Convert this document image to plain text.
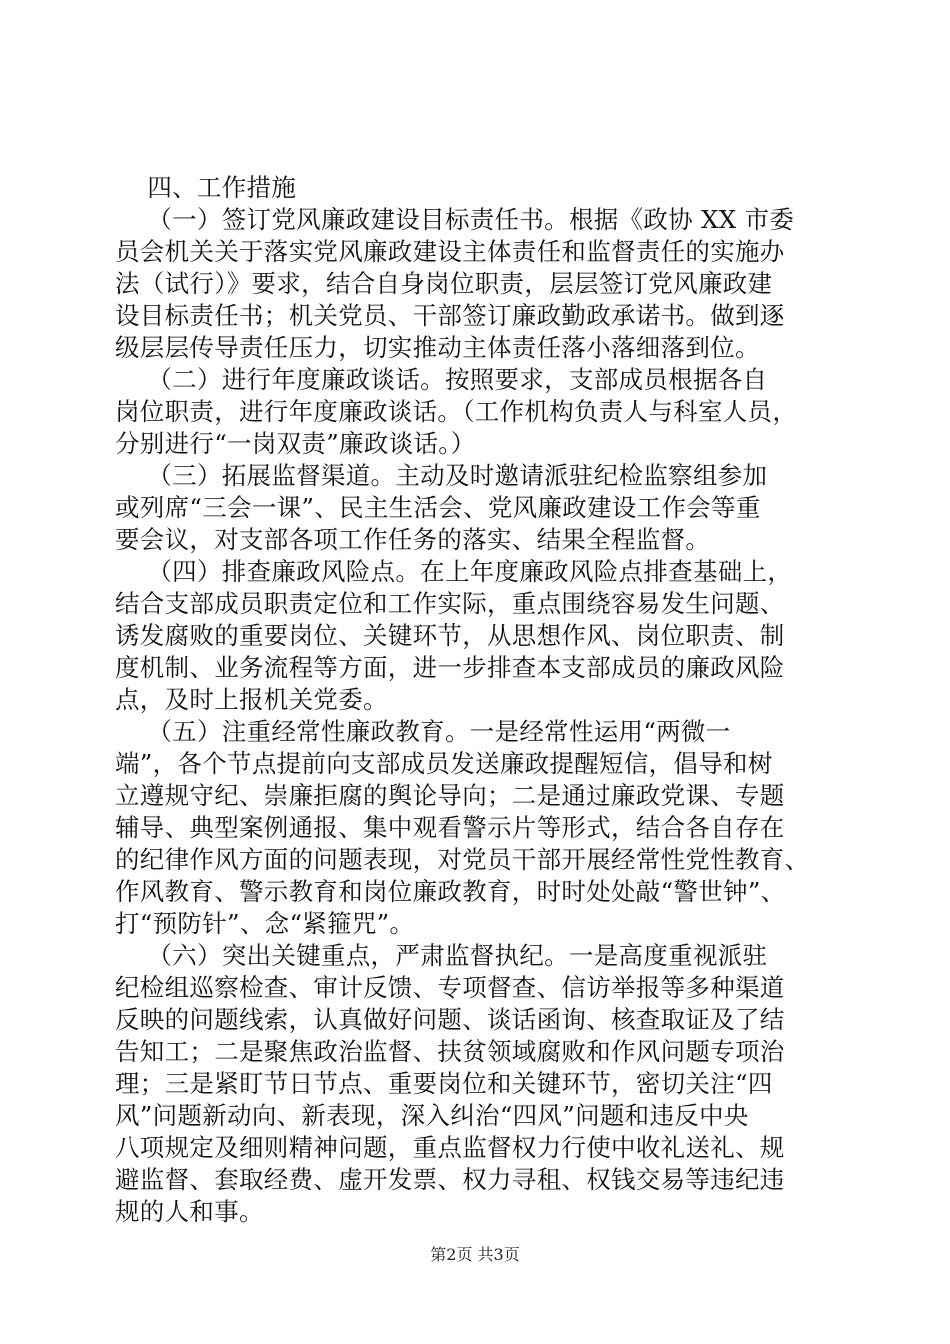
四、工作措施
（一）签订党风廉政建设目标责任书。根据《政协 XX 市委
员会机关关于落实党风廉政建设主体责任和监督责任的实施办
法（试行）》要求，结合自身岗位职责，层层签订党风廉政建
设目标责任书；机关党员、干部签订廉政勤政承诺书。做到逐
级层层传导责任压力，切实推动主体责任落小落细落到位。
（二）进行年度廉政谈话。按照要求，支部成员根据各自
岗位职责，进行年度廉政谈话。（工作机构负责人与科室人员，
分别进行“一岗双责”廉政谈话。）
（三）拓展监督渠道。主动及时邀请派驻纪检监察组参加
或列席“三会一课”、民主生活会、党风廉政建设工作会等重
要会议，对支部各项工作任务的落实、结果全程监督。
（四）排查廉政风险点。在上年度廉政风险点排查基础上，
结合支部成员职责定位和工作实际，重点围绕容易发生问题、
诱发腐败的重要岗位、关键环节，从思想作风、岗位职责、制
度机制、业务流程等方面，进一步排查本支部成员的廉政风险
点，及时上报机关党委。
（五）注重经常性廉政教育。一是经常性运用“两微一
端”，各个节点提前向支部成员发送廉政提醒短信，倡导和树
立遵规守纪、崇廉拒腐的舆论导向；二是通过廉政党课、专题
辅导、典型案例通报、集中观看警示片等形式，结合各自存在
的纪律作风方面的问题表现，对党员干部开展经常性党性教育、
作风教育、警示教育和岗位廉政教育，时时处处敲“警世钟”、
打“预防针”、念“紧箍咒”。
（六）突出关键重点，严肃监督执纪。一是高度重视派驻
纪检组巡察检查、审计反馈、专项督查、信访举报等多种渠道
反映的问题线索，认真做好问题、谈话函询、核查取证及了结
告知工；二是聚焦政治监督、扶贫领域腐败和作风问题专项治
理；三是紧盯节日节点、重要岗位和关键环节，密切关注“四
风”问题新动向、新表现，深入纠治“四风”问题和违反中央
八项规定及细则精神问题，重点监督权力行使中收礼送礼、规
避监督、套取经费、虚开发票、权力寻租、权钱交易等违纪违
规的人和事。
第2页 共3页
